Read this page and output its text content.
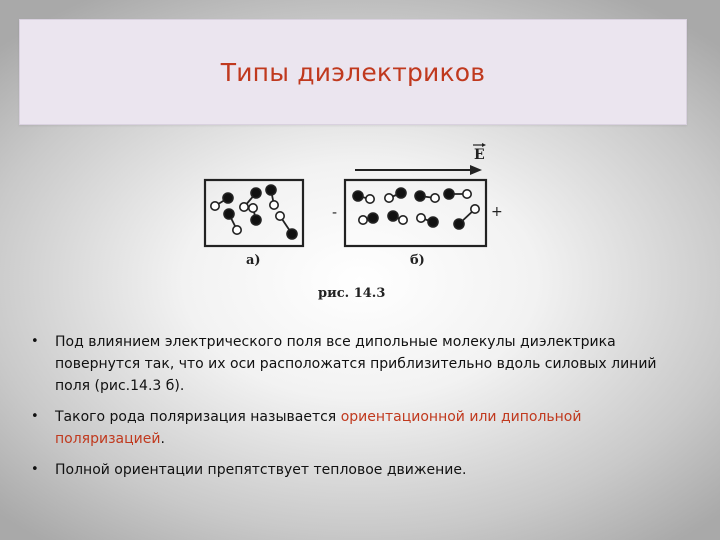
Типы диэлектриков
E
-	+
а)	б)
рис. 14.3
• Под влиянием электрического поля все дипольные молекулы диэлектрика повернутся так, что их оси расположатся приблизительно вдоль силовых линий поля (рис.14.3 б).
• Такого рода поляризация называется ориентационной или дипольной поляризацией.
• Полной ориентации препятствует тепловое движение.
